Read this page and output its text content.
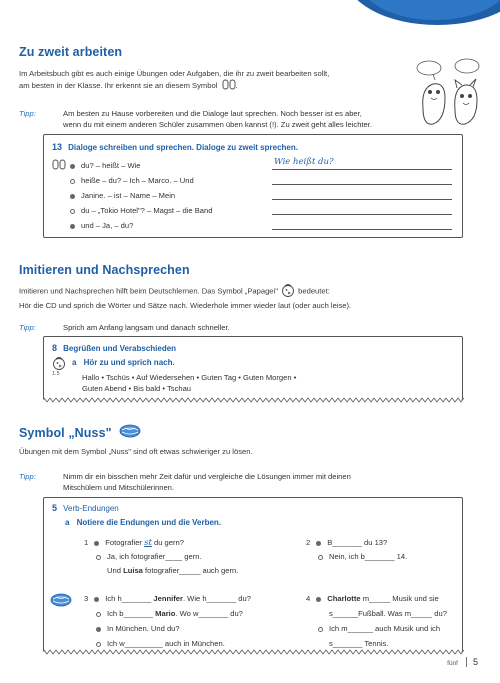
Zu zweit arbeiten
Im Arbeitsbuch gibt es auch einige Übungen oder Aufgaben, die ihr zu zweit bearbeiten sollt,
am besten in der Klasse. Ihr erkennt sie an diesem Symbol .
Tipp:	Am besten zu Hause vorbereiten und die Dialoge laut sprechen. Noch besser ist es aber,
wenn du mit einem anderen Schüler zusammen üben kannst (!). Zu zweit geht alles leichter.
13 Dialoge schreiben und sprechen. Dialoge zu zweit sprechen.
du? – heißt – Wie
heiße – du? – Ich – Marco. – Und
Janine. – ist – Name – Mein
du – „Tokio Hotel"? – Magst – die Band
und – Ja, – du?
Wie heißt du?
Imitieren und Nachsprechen
Imitieren und Nachsprechen hilft beim Deutschlernen. Das Symbol „Papagei"	bedeutet:
Hör die CD und sprich die Wörter und Sätze nach. Wiederhole immer wieder laut (oder auch leise).
Tipp:	Sprich am Anfang langsam und danach schneller.
8 Begrüßen und Verabschieden
1.5
a Hör zu und sprich nach.
Hallo • Tschüs • Auf Wiedersehen • Guten Tag • Guten Morgen •
Guten Abend • Bis bald • Tschau
Symbol „Nuss"
Übungen mit dem Symbol „Nuss" sind oft etwas schwieriger zu lösen.
Tipp:	Nimm dir ein bisschen mehr Zeit dafür und vergleiche die Lösungen immer mit deinen
Mitschülern und Mitschülerinnen.
5 Verb-Endungen
a Notiere die Endungen und die Verben.
1 Fotografier st du gern?
Ja, ich fotografier____ gern.
Und Luisa fotografier_____ auch gern.
2 B_______ du 13?
Nein, ich b_______ 14.
3 Ich h_______ Jennifer. Wie h_______ du?
Ich b_______ Mario. Wo w_______ du?
In München. Und du?
Ich w_________ auch in München.
4 Charlotte m_____ Musik und sie
s______Fußball. Was m_____ du?
Ich m______ auch Musik und ich
s_______ Tennis.
fünf 5
